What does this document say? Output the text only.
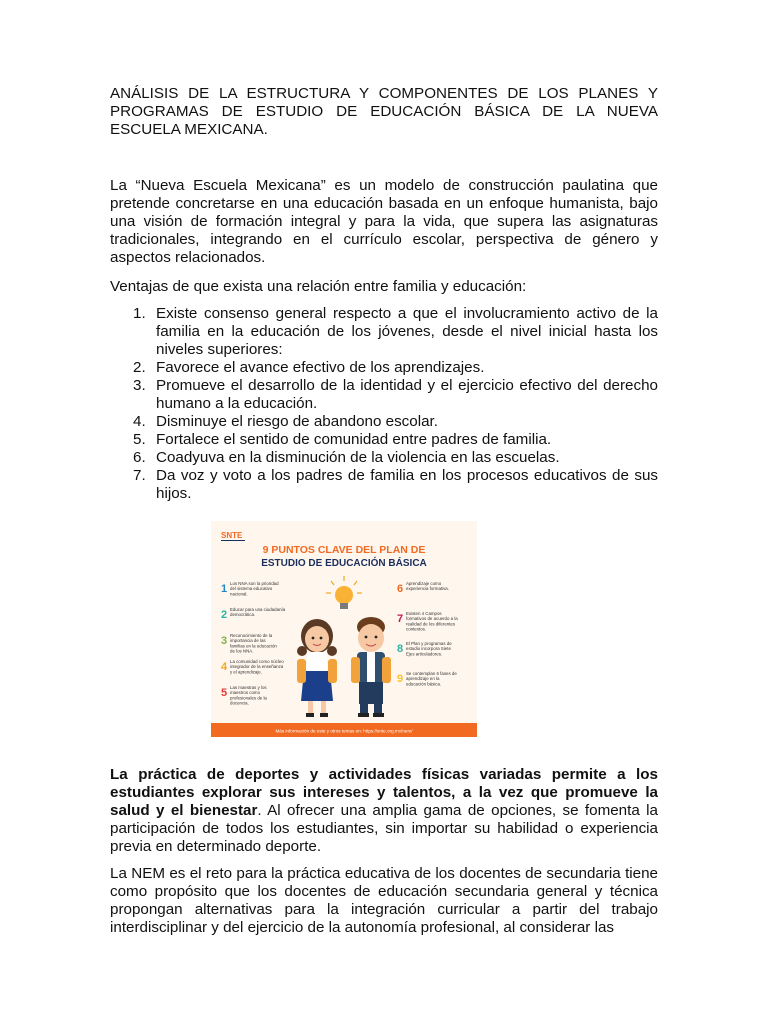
ANÁLISIS DE LA ESTRUCTURA Y COMPONENTES DE LOS PLANES Y PROGRAMAS DE ESTUDIO DE EDUCACIÓN BÁSICA DE LA NUEVA ESCUELA MEXICANA.
La “Nueva Escuela Mexicana” es un modelo de construcción paulatina que pretende concretarse en una educación basada en un enfoque humanista, bajo una visión de formación integral y para la vida, que supera las asignaturas tradicionales, integrando en el currículo escolar, perspectiva de género y aspectos relacionados.
Ventajas de que exista una relación entre familia y educación:
1. Existe consenso general respecto a que el involucramiento activo de la familia en la educación de los jóvenes, desde el nivel inicial hasta los niveles superiores:
2. Favorece el avance efectivo de los aprendizajes.
3. Promueve el desarrollo de la identidad y el ejercicio efectivo del derecho humano a la educación.
4. Disminuye el riesgo de abandono escolar.
5. Fortalece el sentido de comunidad entre padres de familia.
6. Coadyuva en la disminución de la violencia en las escuelas.
7. Da voz y voto a los padres de familia en los procesos educativos de sus hijos.
SNTE
9 PUNTOS CLAVE DEL PLAN DE
ESTUDIO DE EDUCACIÓN BÁSICA
1 Los NNA son la prioridad del sistema educativo nacional.
2 Educar para una ciudadanía democrática.
3 Reconocimiento de la importancia de las familias en la educación de los NNA.
4 La comunidad como núcleo integrador de la enseñanza y el aprendizaje.
5 Las maestras y los maestros como profesionales de la docencia.
6 Aprendizaje como experiencia formativa.
7 Existen 4 Campos formativos de acuerdo a la realidad de los diferentes contextos.
8 El Plan y programas de estudio incorpora Siete Ejes articuladores.
9 Se contemplan 6 fases de aprendizaje en la educación básica.
Más información de este y otros temas en: https://snte.org.mx/nem/
La práctica de deportes y actividades físicas variadas permite a los estudiantes explorar sus intereses y talentos, a la vez que promueve la salud y el bienestar. Al ofrecer una amplia gama de opciones, se fomenta la participación de todos los estudiantes, sin importar su habilidad o experiencia previa en determinado deporte.
La NEM es el reto para la práctica educativa de los docentes de secundaria tiene como propósito que los docentes de educación secundaria general y técnica propongan alternativas para la integración curricular a partir del trabajo interdisciplinar y del ejercicio de la autonomía profesional, al considerar las
